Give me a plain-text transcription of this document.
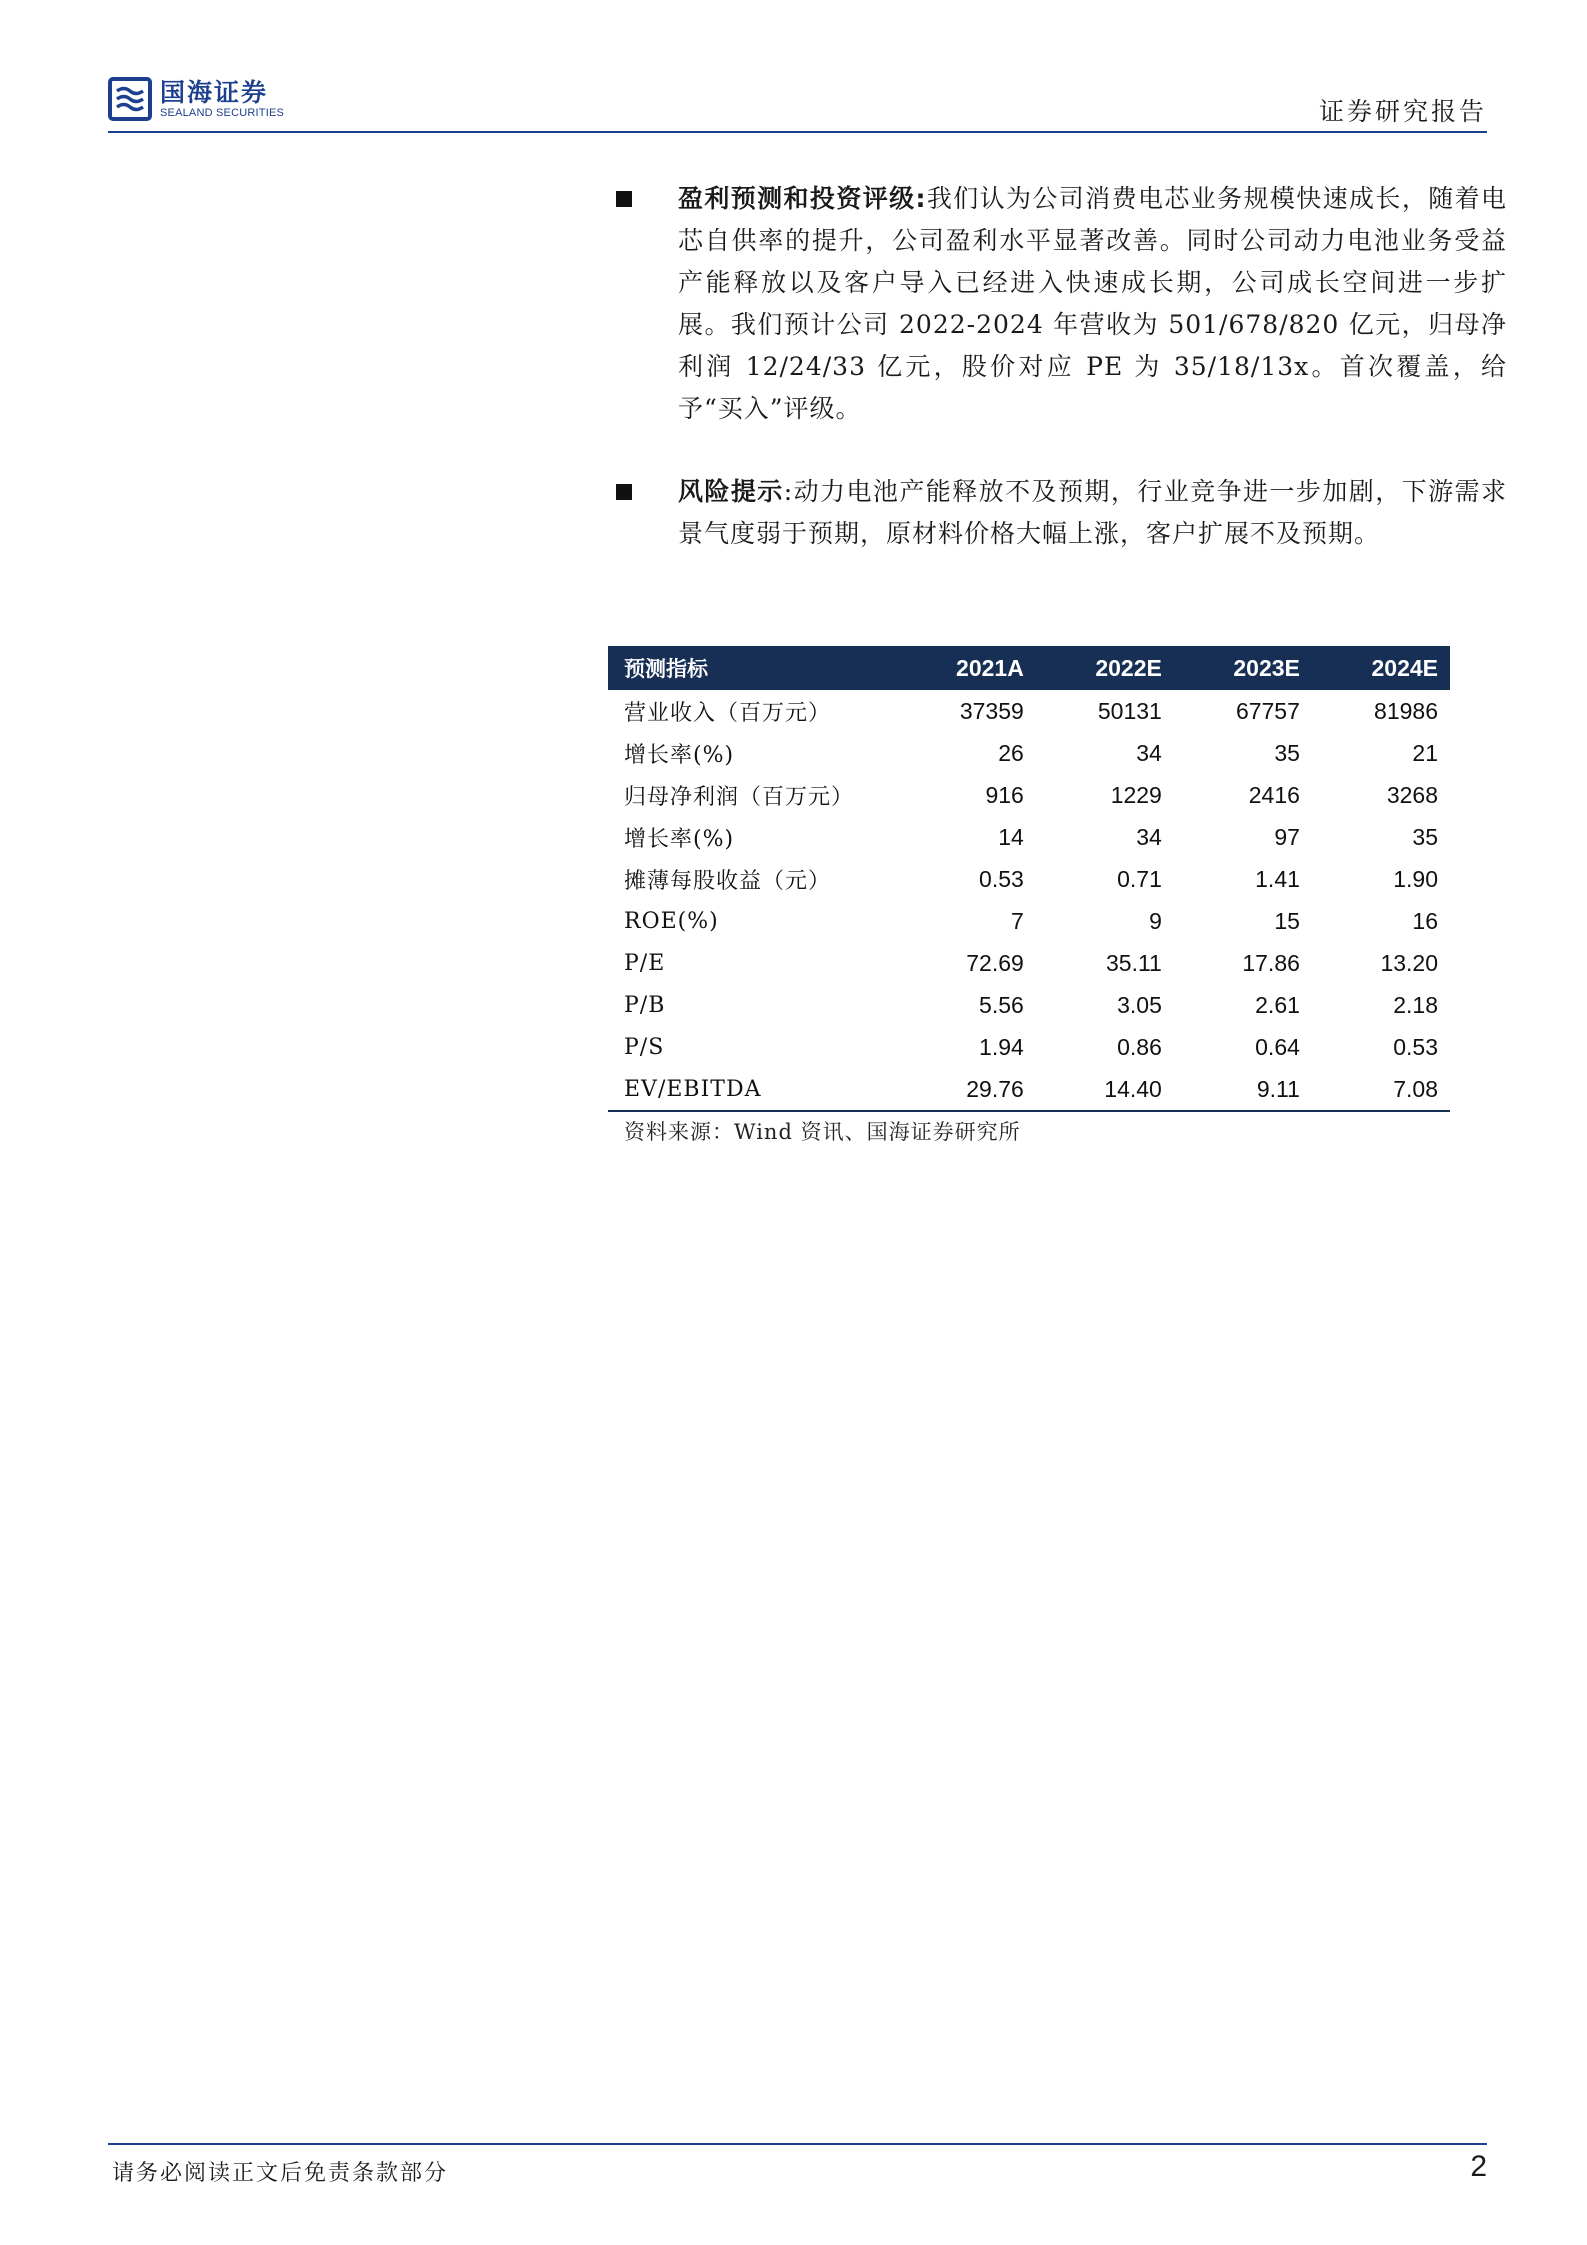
国海证券
SEALAND SECURITIES	证券研究报告
盈利预测和投资评级:我们认为公司消费电芯业务规模快速成长，随着电芯自供率的提升，公司盈利水平显著改善。同时公司动力电池业务受益产能释放以及客户导入已经进入快速成长期，公司成长空间进一步扩展。我们预计公司 2022-2024 年营收为 501/678/820 亿元，归母净利润 12/24/33 亿元，股价对应 PE 为 35/18/13x。首次覆盖，给予“买入”评级。
风险提示:动力电池产能释放不及预期，行业竞争进一步加剧，下游需求景气度弱于预期，原材料价格大幅上涨，客户扩展不及预期。
预测指标	2021A	2022E	2023E	2024E
营业收入（百万元）	37359	50131	67757	81986
增长率(%)	26	34	35	21
归母净利润（百万元）	916	1229	2416	3268
增长率(%)	14	34	97	35
摊薄每股收益（元）	0.53	0.71	1.41	1.90
ROE(%)	7	9	15	16
P/E	72.69	35.11	17.86	13.20
P/B	5.56	3.05	2.61	2.18
P/S	1.94	0.86	0.64	0.53
EV/EBITDA	29.76	14.40	9.11	7.08
资料来源：Wind 资讯、国海证券研究所
请务必阅读正文后免责条款部分	2
